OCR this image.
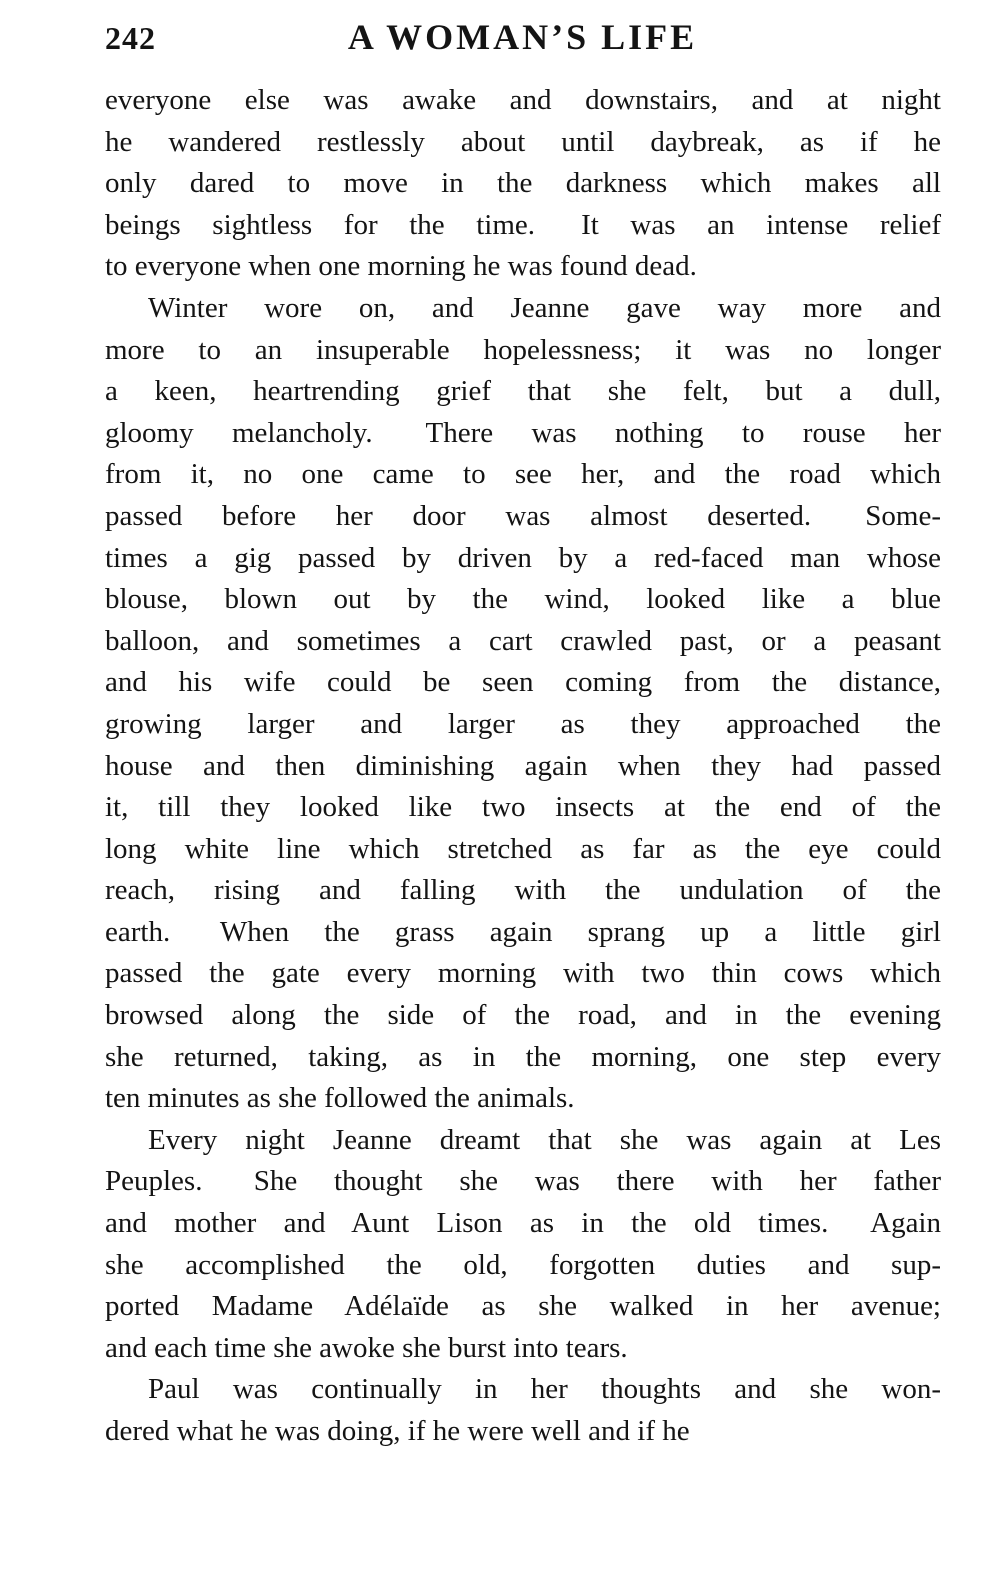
242	A WOMAN’S LIFE
everyone else was awake and downstairs, and at night
he wandered restlessly about until daybreak, as if he
only dared to move in the darkness which makes all
beings sightless for the time.  It was an intense relief
to everyone when one morning he was found dead.
Winter wore on, and Jeanne gave way more and
more to an insuperable hopelessness; it was no longer
a keen, heartrending grief that she felt, but a dull,
gloomy melancholy.  There was nothing to rouse her
from it, no one came to see her, and the road which
passed before her door was almost deserted.  Some-
times a gig passed by driven by a red-faced man whose
blouse, blown out by the wind, looked like a blue
balloon, and sometimes a cart crawled past, or a peasant
and his wife could be seen coming from the distance,
growing larger and larger as they approached the
house and then diminishing again when they had passed
it, till they looked like two insects at the end of the
long white line which stretched as far as the eye could
reach, rising and falling with the undulation of the
earth.  When the grass again sprang up a little girl
passed the gate every morning with two thin cows which
browsed along the side of the road, and in the evening
she returned, taking, as in the morning, one step every
ten minutes as she followed the animals.
Every night Jeanne dreamt that she was again at Les
Peuples.  She thought she was there with her father
and mother and Aunt Lison as in the old times.  Again
she accomplished the old, forgotten duties and sup-
ported Madame Adélaïde as she walked in her avenue;
and each time she awoke she burst into tears.
Paul was continually in her thoughts and she won-
dered what he was doing, if he were well and if he
